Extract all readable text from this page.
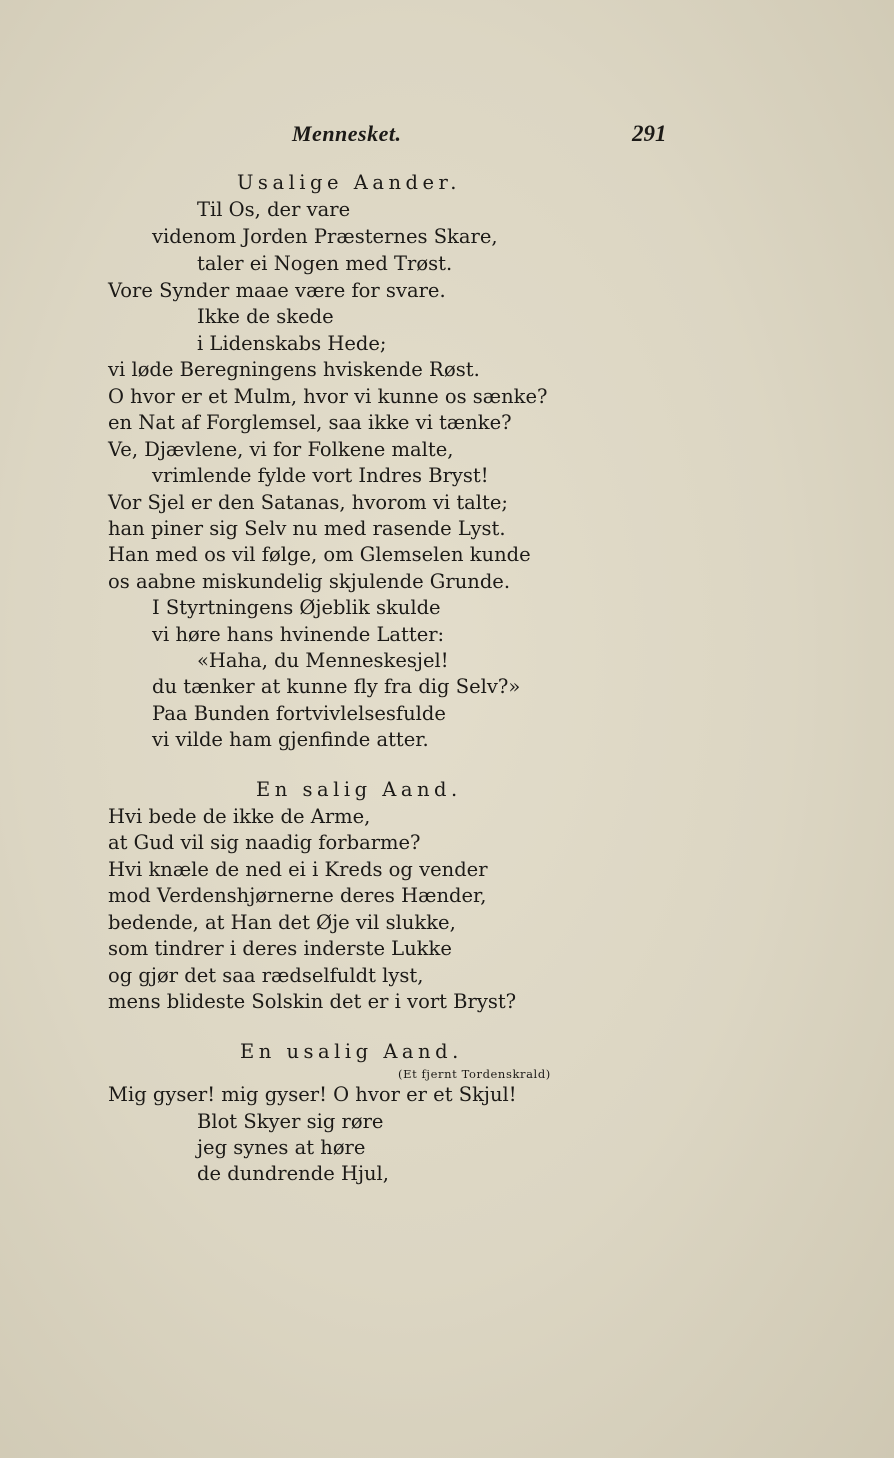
Mennesket.	291
Usalige Aander.
Til Os, der vare
videnom Jorden Præsternes Skare,
taler ei Nogen med Trøst.
Vore Synder maae være for svare.
Ikke de skede
i Lidenskabs Hede;
vi løde Beregningens hviskende Røst.
O hvor er et Mulm, hvor vi kunne os sænke?
en Nat af Forglemsel, saa ikke vi tænke?
Ve, Djævlene, vi for Folkene malte,
vrimlende fylde vort Indres Bryst!
Vor Sjel er den Satanas, hvorom vi talte;
han piner sig Selv nu med rasende Lyst.
Han med os vil følge, om Glemselen kunde
os aabne miskundelig skjulende Grunde.
I Styrtningens Øjeblik skulde
vi høre hans hvinende Latter:
«Haha, du Menneskesjel!
du tænker at kunne fly fra dig Selv?»
Paa Bunden fortvivlelsesfulde
vi vilde ham gjenfinde atter.
En salig Aand.
Hvi bede de ikke de Arme,
at Gud vil sig naadig forbarme?
Hvi knæle de ned ei i Kreds og vender
mod Verdenshjørnerne deres Hænder,
bedende, at Han det Øje vil slukke,
som tindrer i deres inderste Lukke
og gjør det saa rædselfuldt lyst,
mens blideste Solskin det er i vort Bryst?
En usalig Aand.
(Et fjernt Tordenskrald)
Mig gyser! mig gyser! O hvor er et Skjul!
Blot Skyer sig røre
jeg synes at høre
de dundrende Hjul,
